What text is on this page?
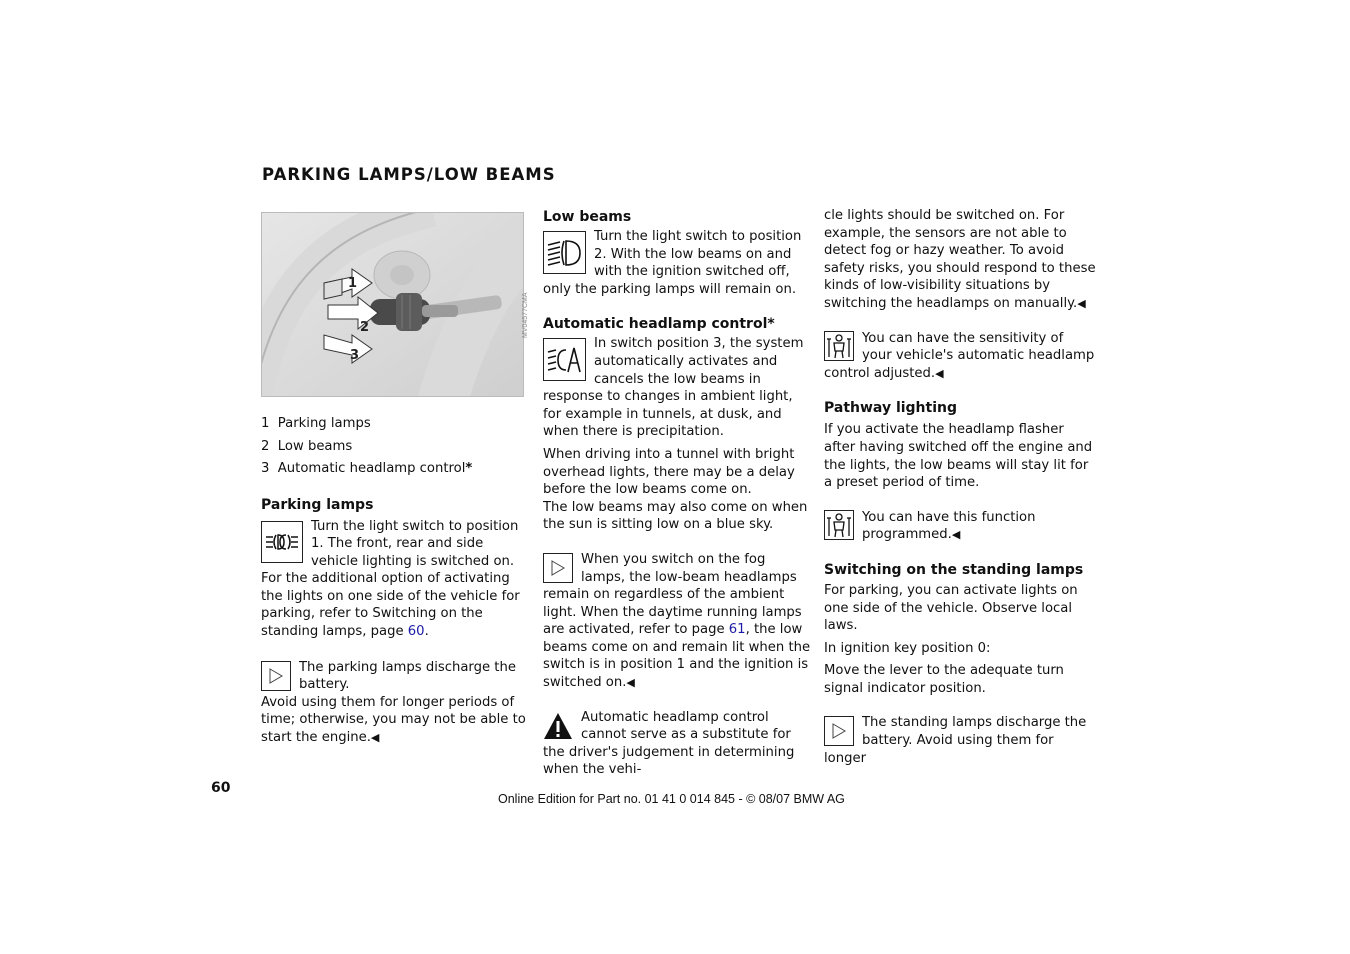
PARKING LAMPS/LOW BEAMS
1
2
3
MV04577CMA
1 Parking lamps
2 Low beams
3 Automatic headlamp control*
Parking lamps

Turn the light switch to position 1. The front, rear and side vehicle lighting is switched on.

For the additional option of activating the lights on one side of the vehicle for parking, refer to Switching on the standing lamps, page 60.

The parking lamps discharge the battery.

Avoid using them for longer periods of time; otherwise, you may not be able to start the engine.◀

Low beams

Turn the light switch to position 2. With the low beams on and with the ignition switched off, only the parking lamps will remain on.

Automatic headlamp control*

In switch position 3, the system automatically activates and cancels the low beams in response to changes in ambient light, for example in tunnels, at dusk, and when there is precipitation.

When driving into a tunnel with bright overhead lights, there may be a delay before the low beams come on.

The low beams may also come on when the sun is sitting low on a blue sky.

When you switch on the fog lamps, the low-beam headlamps remain on regardless of the ambient light. When the daytime running lamps are activated, refer to page 61, the low beams come on and remain lit when the switch is in position 1 and the ignition is switched on.◀

Automatic headlamp control cannot serve as a substitute for the driver's judgement in determining when the vehi-

cle lights should be switched on. For example, the sensors are not able to detect fog or hazy weather. To avoid safety risks, you should respond to these kinds of low-visibility situations by switching the headlamps on manually.◀

You can have the sensitivity of your vehicle's automatic headlamp control adjusted.◀

Pathway lighting

If you activate the headlamp flasher after having switched off the engine and the lights, the low beams will stay lit for a preset period of time.

You can have this function programmed.◀

Switching on the standing lamps

For parking, you can activate lights on one side of the vehicle. Observe local laws.

In ignition key position 0:

Move the lever to the adequate turn signal indicator position.

The standing lamps discharge the battery. Avoid using them for longer

60
Online Edition for Part no. 01 41 0 014 845 - © 08/07 BMW AG
